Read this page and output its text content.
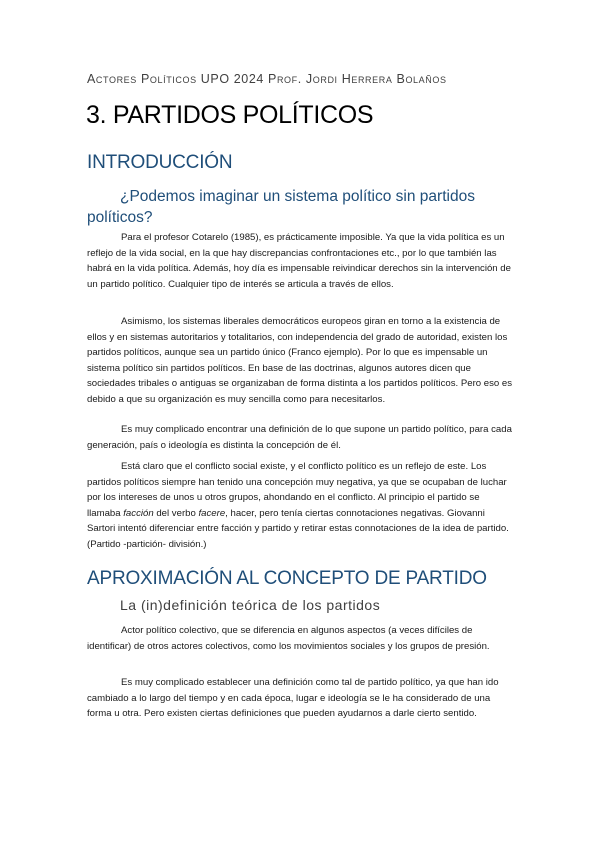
Actores Políticos UPO 2024 Prof. Jordi Herrera Bolaños
3. PARTIDOS POLÍTICOS
INTRODUCCIÓN
¿Podemos imaginar un sistema político sin partidos políticos?

Para el profesor Cotarelo (1985), es prácticamente imposible. Ya que la vida política es un reflejo de la vida social, en la que hay discrepancias confrontaciones etc., por lo que también las habrá en la vida política. Además, hoy día es impensable reivindicar derechos sin la intervención de un partido político. Cualquier tipo de interés se articula a través de ellos.

Asimismo, los sistemas liberales democráticos europeos giran en torno a la existencia de ellos y en sistemas autoritarios y totalitarios, con independencia del grado de autoridad, existen los partidos políticos, aunque sea un partido único (Franco ejemplo). Por lo que es impensable un sistema político sin partidos políticos. En base de las doctrinas, algunos autores dicen que sociedades tribales o antiguas se organizaban de forma distinta a los partidos políticos. Pero eso es debido a que su organización es muy sencilla como para necesitarlos.

Es muy complicado encontrar una definición de lo que supone un partido político, para cada generación, país o ideología es distinta la concepción de él.

Está claro que el conflicto social existe, y el conflicto político es un reflejo de este. Los partidos políticos siempre han tenido una concepción muy negativa, ya que se ocupaban de luchar por los intereses de unos u otros grupos, ahondando en el conflicto. Al principio el partido se llamaba facción del verbo facere, hacer, pero tenía ciertas connotaciones negativas. Giovanni Sartori intentó diferenciar entre facción y partido y retirar estas connotaciones de la idea de partido. (Partido -partición- división.)

APROXIMACIÓN AL CONCEPTO DE PARTIDO
La (in)definición teórica de los partidos

Actor político colectivo, que se diferencia en algunos aspectos (a veces difíciles de identificar) de otros actores colectivos, como los movimientos sociales y los grupos de presión.

Es muy complicado establecer una definición como tal de partido político, ya que han ido cambiado a lo largo del tiempo y en cada época, lugar e ideología se le ha considerado de una forma u otra. Pero existen ciertas definiciones que pueden ayudarnos a darle cierto sentido.
